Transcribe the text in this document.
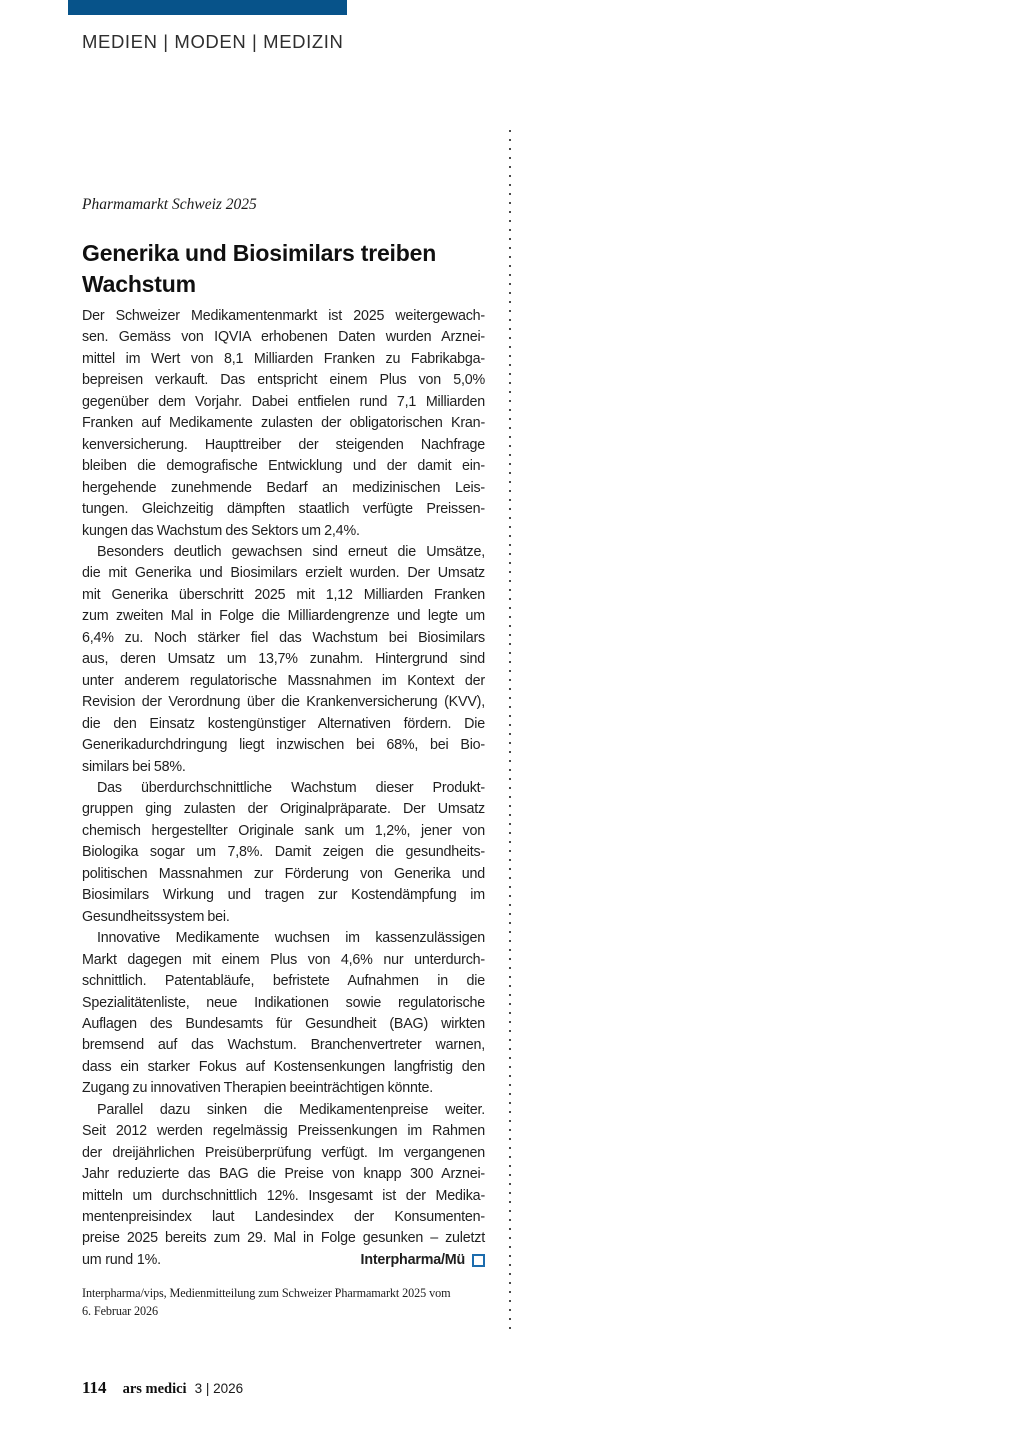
MEDIEN | MODEN | MEDIZIN
Pharmamarkt Schweiz 2025
Generika und Biosimilars treiben Wachstum
Der Schweizer Medikamentenmarkt ist 2025 weitergewach-
sen. Gemäss von IQVIA erhobenen Daten wurden Arznei-
mittel im Wert von 8,1 Milliarden Franken zu Fabrikabga-
bepreisen verkauft. Das entspricht einem Plus von 5,0%
gegenüber dem Vorjahr. Dabei entfielen rund 7,1 Milliarden
Franken auf Medikamente zulasten der obligatorischen Kran-
kenversicherung. Haupttreiber der steigenden Nachfrage
bleiben die demografische Entwicklung und der damit ein-
hergehende zunehmende Bedarf an medizinischen Leis-
tungen. Gleichzeitig dämpften staatlich verfügte Preissen-
kungen das Wachstum des Sektors um 2,4%.
Besonders deutlich gewachsen sind erneut die Umsätze,
die mit Generika und Biosimilars erzielt wurden. Der Umsatz
mit Generika überschritt 2025 mit 1,12 Milliarden Franken
zum zweiten Mal in Folge die Milliardengrenze und legte um
6,4% zu. Noch stärker fiel das Wachstum bei Biosimilars
aus, deren Umsatz um 13,7% zunahm. Hintergrund sind
unter anderem regulatorische Massnahmen im Kontext der
Revision der Verordnung über die Krankenversicherung (KVV),
die den Einsatz kostengünstiger Alternativen fördern. Die
Generikadurchdringung liegt inzwischen bei 68%, bei Bio-
similars bei 58%.
Das überdurchschnittliche Wachstum dieser Produkt-
gruppen ging zulasten der Originalpräparate. Der Umsatz
chemisch hergestellter Originale sank um 1,2%, jener von
Biologika sogar um 7,8%. Damit zeigen die gesundheits-
politischen Massnahmen zur Förderung von Generika und
Biosimilars Wirkung und tragen zur Kostendämpfung im
Gesundheitssystem bei.
Innovative Medikamente wuchsen im kassenzulässigen
Markt dagegen mit einem Plus von 4,6% nur unterdurch-
schnittlich. Patentabläufe, befristete Aufnahmen in die
Spezialitätenliste, neue Indikationen sowie regulatorische
Auflagen des Bundesamts für Gesundheit (BAG) wirkten
bremsend auf das Wachstum. Branchenvertreter warnen,
dass ein starker Fokus auf Kostensenkungen langfristig den
Zugang zu innovativen Therapien beeinträchtigen könnte.
Parallel dazu sinken die Medikamentenpreise weiter.
Seit 2012 werden regelmässig Preissenkungen im Rahmen
der dreijährlichen Preisüberprüfung verfügt. Im vergangenen
Jahr reduzierte das BAG die Preise von knapp 300 Arznei-
mitteln um durchschnittlich 12%. Insgesamt ist der Medika-
mentenpreisindex laut Landesindex der Konsumenten-
preise 2025 bereits zum 29. Mal in Folge gesunken – zuletzt
um rund 1%.	Interpharma/Mü
Interpharma/vips, Medienmitteilung zum Schweizer Pharmamarkt 2025 vom
6. Februar 2026
114 ars medici 3 | 2026
